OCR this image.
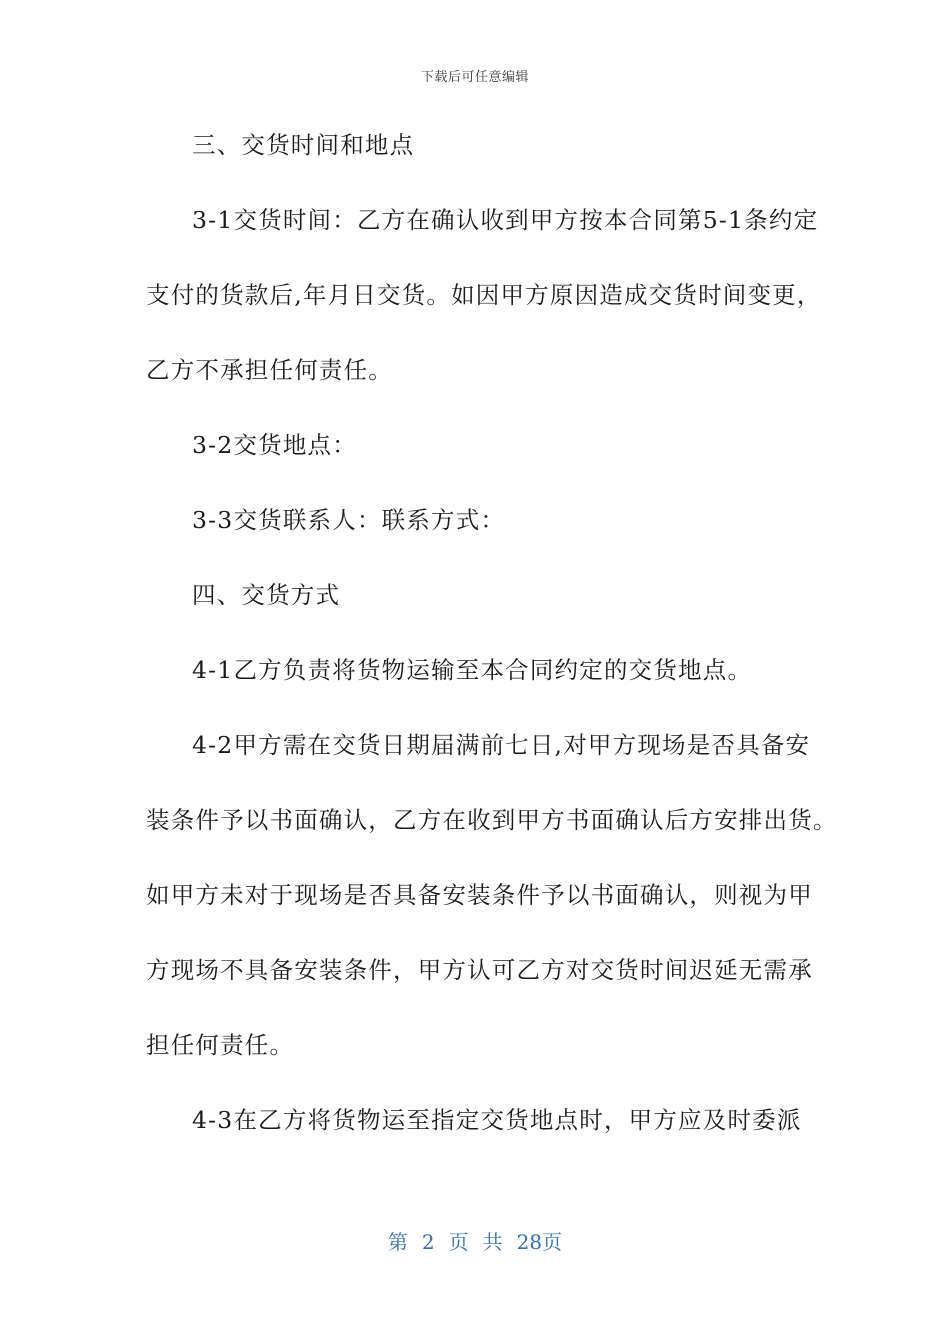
下载后可任意编辑
三、交货时间和地点
3-1交货时间：乙方在确认收到甲方按本合同第5-1条约定
支付的货款后,年月日交货。如因甲方原因造成交货时间变更，
乙方不承担任何责任。
3-2交货地点：
3-3交货联系人：联系方式：
四、交货方式
4-1乙方负责将货物运输至本合同约定的交货地点。
4-2甲方需在交货日期届满前七日,对甲方现场是否具备安
装条件予以书面确认，乙方在收到甲方书面确认后方安排出货。
如甲方未对于现场是否具备安装条件予以书面确认，则视为甲
方现场不具备安装条件，甲方认可乙方对交货时间迟延无需承
担任何责任。
4-3在乙方将货物运至指定交货地点时，甲方应及时委派
第 2 页 共 28页
